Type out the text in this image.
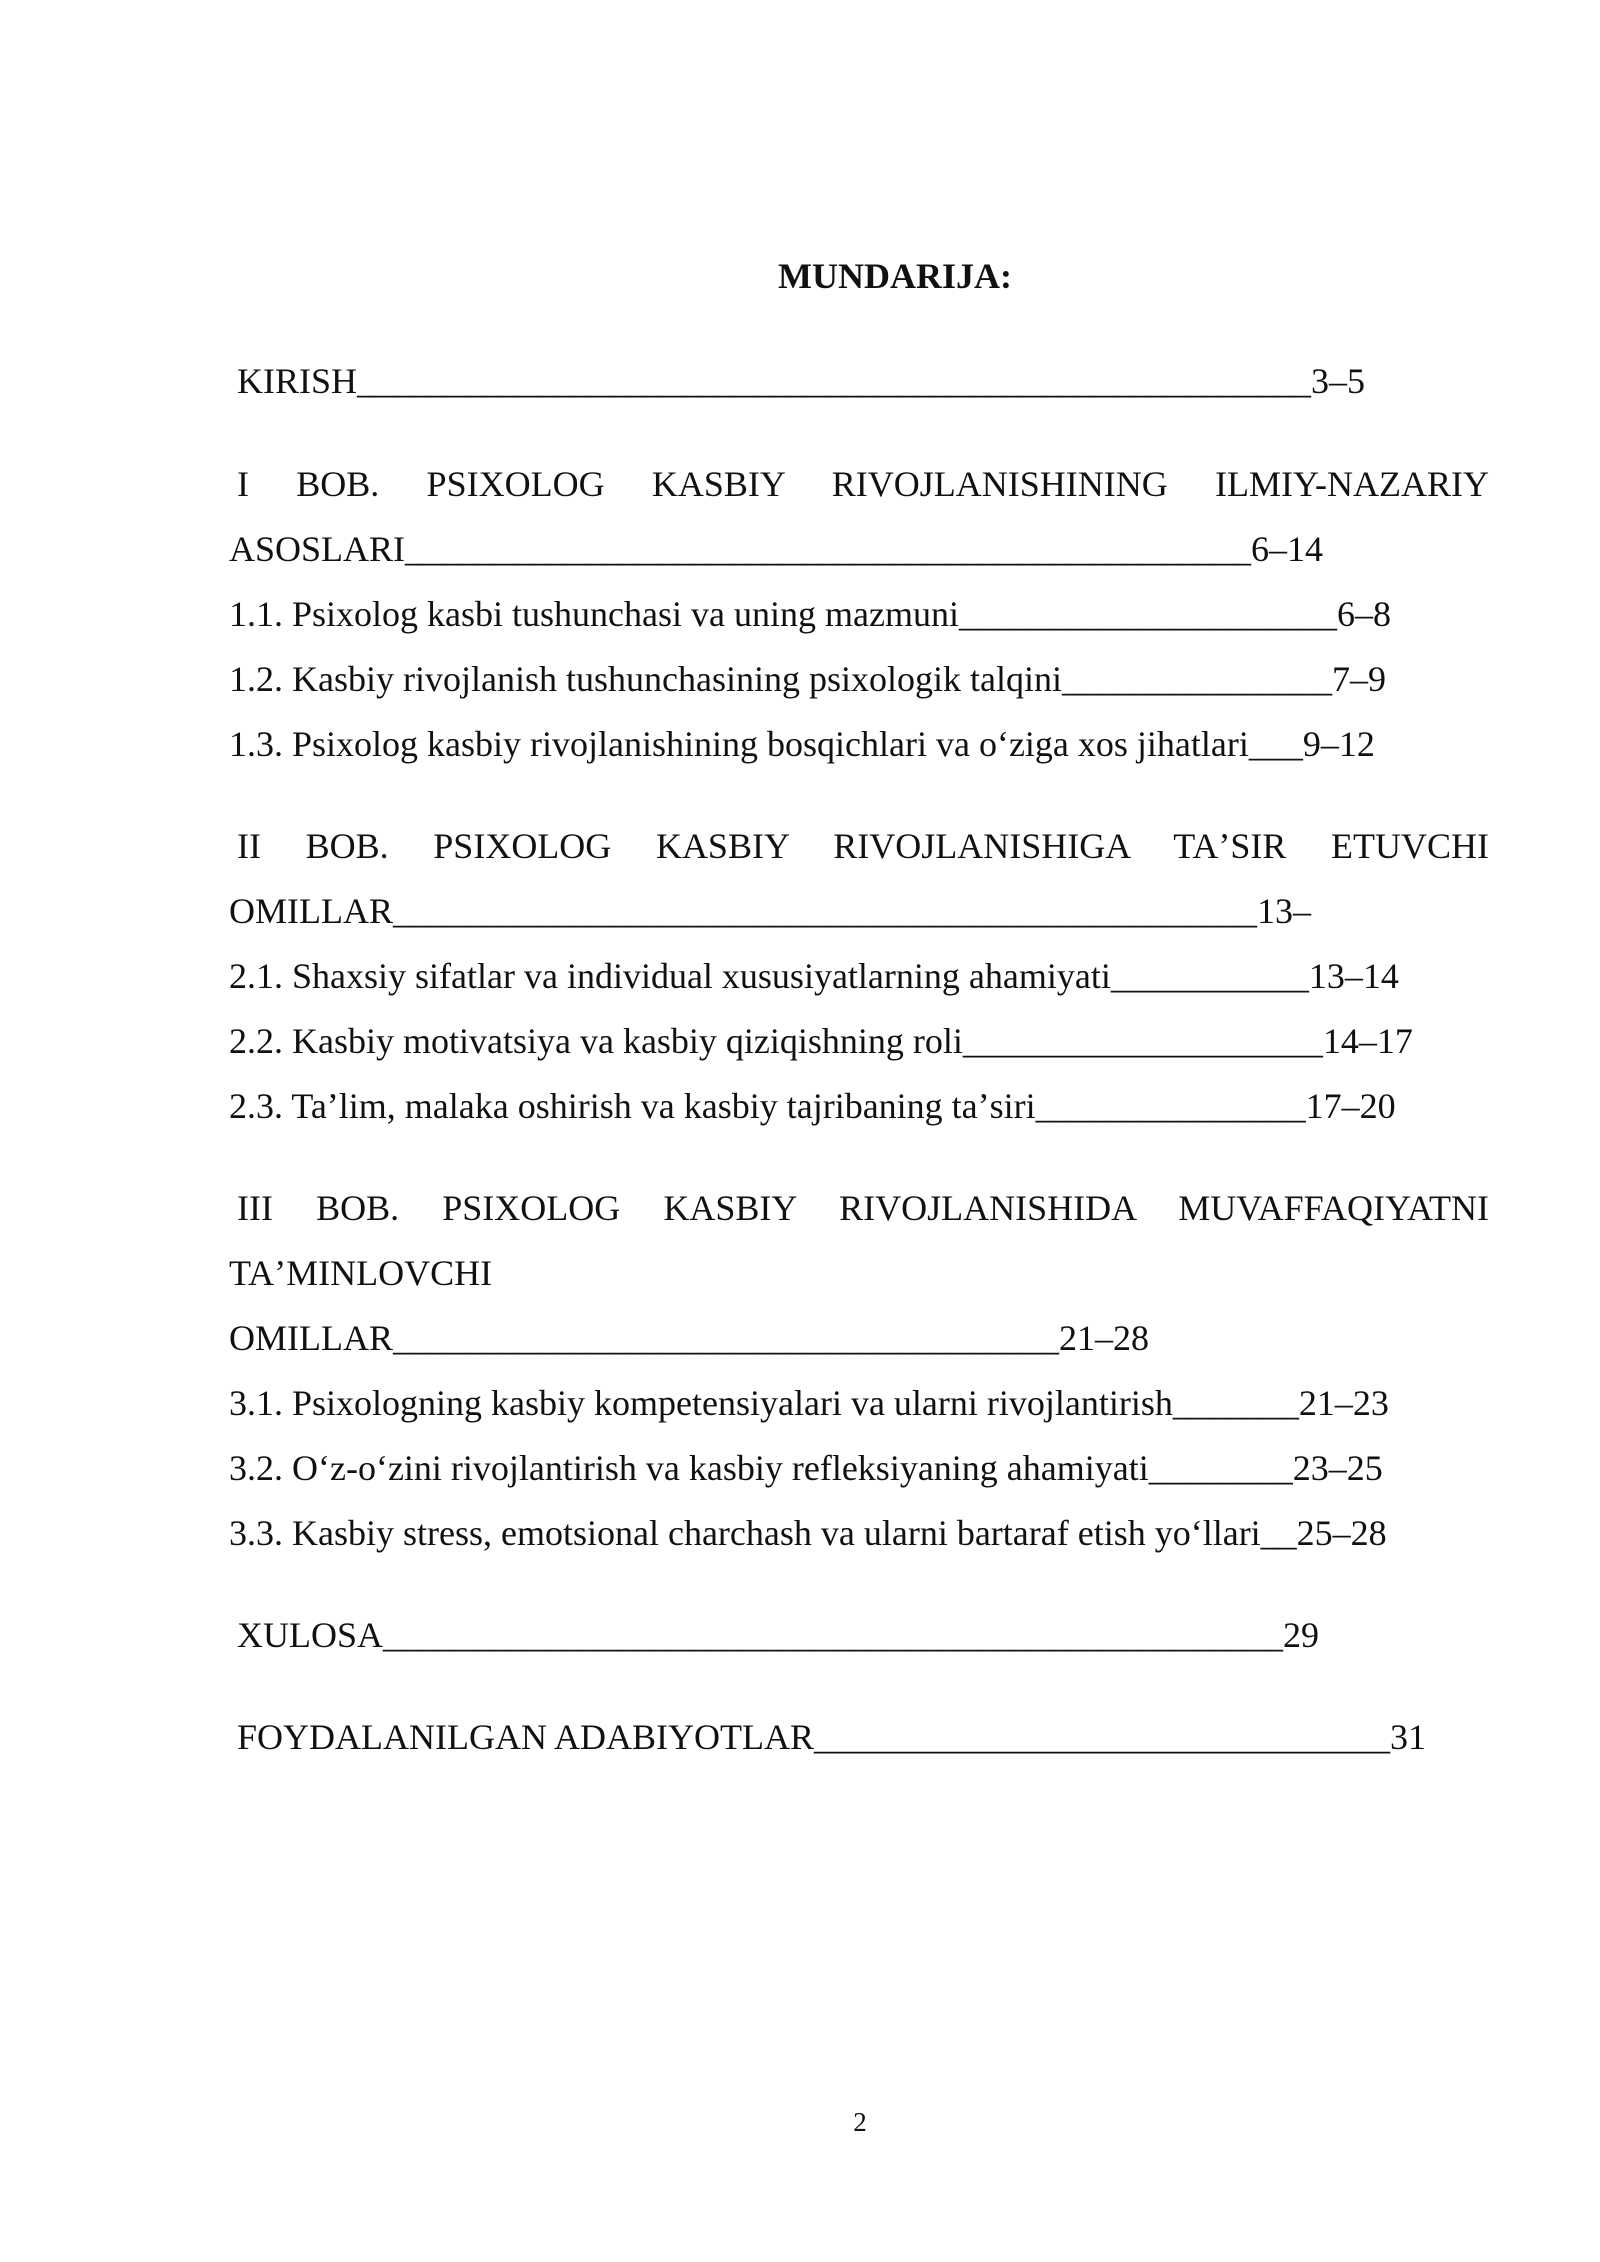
MUNDARIJA:
KIRISH_____________________________________________________3–5
I BOB. PSIXOLOG KASBIY RIVOJLANISHINING ILMIY-NAZARIY
ASOSLARI_______________________________________________6–14
1.1. Psixolog kasbi tushunchasi va uning mazmuni_____________________6–8
1.2. Kasbiy rivojlanish tushunchasining psixologik talqini_______________7–9
1.3. Psixolog kasbiy rivojlanishining bosqichlari va oʻziga xos jihatlari___9–12
II BOB. PSIXOLOG KASBIY RIVOJLANISHIGA TAʼSIR ETUVCHI
OMILLAR________________________________________________13–
2.1. Shaxsiy sifatlar va individual xususiyatlarning ahamiyati___________13–14
2.2. Kasbiy motivatsiya va kasbiy qiziqishning roli____________________14–17
2.3. Taʼlim, malaka oshirish va kasbiy tajribaning taʼsiri_______________17–20
III BOB. PSIXOLOG KASBIY RIVOJLANISHIDA MUVAFFAQIYATNI
TAʼMINLOVCHI
OMILLAR_____________________________________21–28
3.1. Psixologning kasbiy kompetensiyalari va ularni rivojlantirish_______21–23
3.2. Oʻz-oʻzini rivojlantirish va kasbiy refleksiyaning ahamiyati________23–25
3.3. Kasbiy stress, emotsional charchash va ularni bartaraf etish yoʻllari__25–28
XULOSA__________________________________________________29
FOYDALANILGAN ADABIYOTLAR________________________________31
2
